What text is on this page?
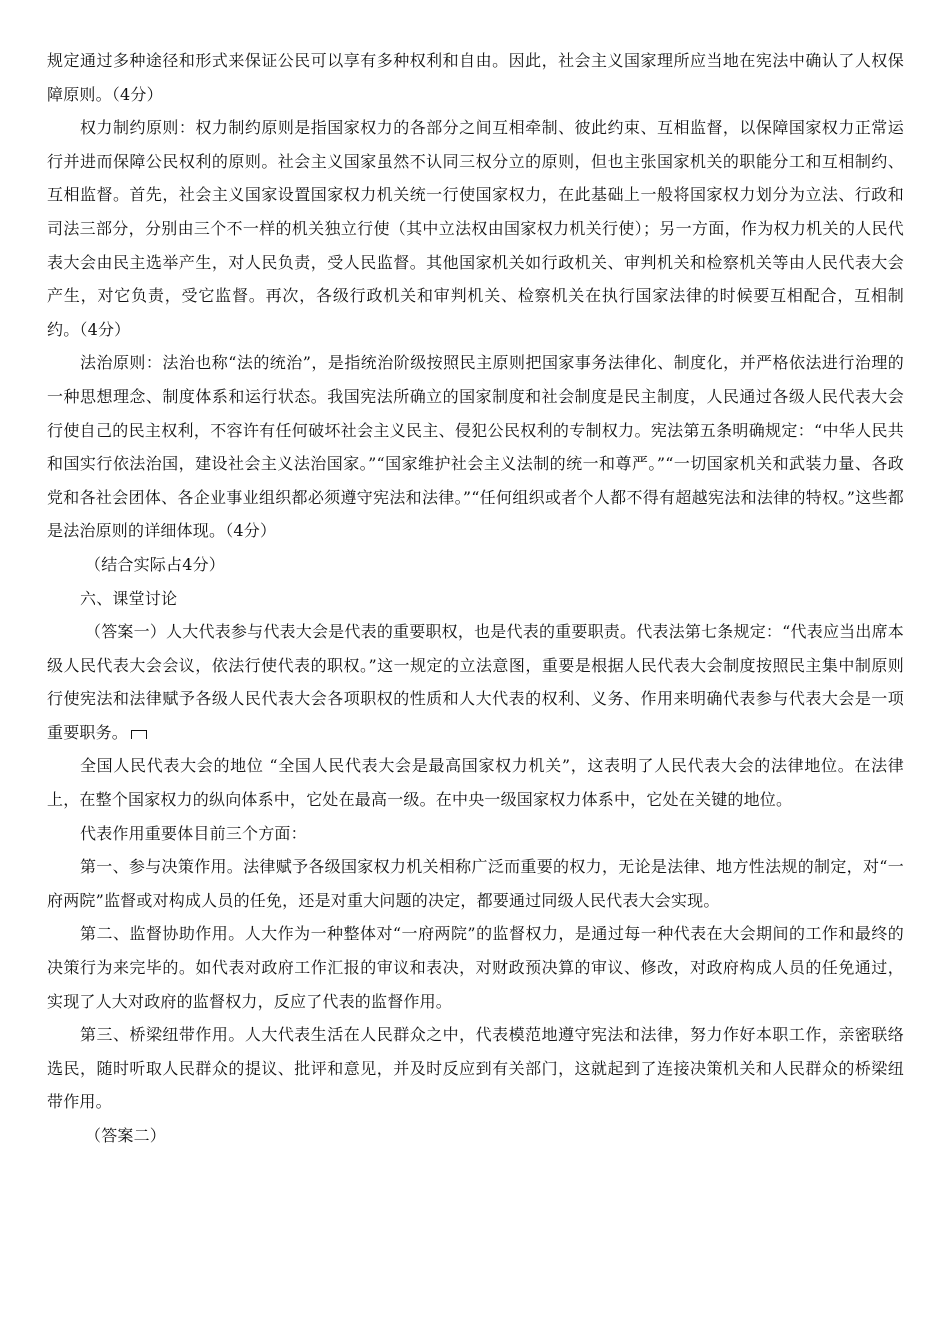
规定通过多种途径和形式来保证公民可以享有多种权利和自由。因此，社会主义国家理所应当地在宪法中确认了人权保障原则。（4分）

权力制约原则：权力制约原则是指国家权力的各部分之间互相牵制、彼此约束、互相监督，以保障国家权力正常运行并进而保障公民权利的原则。社会主义国家虽然不认同三权分立的原则，但也主张国家机关的职能分工和互相制约、互相监督。首先，社会主义国家设置国家权力机关统一行使国家权力，在此基础上一般将国家权力划分为立法、行政和司法三部分，分别由三个不一样的机关独立行使（其中立法权由国家权力机关行使）；另一方面，作为权力机关的人民代表大会由民主选举产生，对人民负责，受人民监督。其他国家机关如行政机关、审判机关和检察机关等由人民代表大会产生，对它负责，受它监督。再次，各级行政机关和审判机关、检察机关在执行国家法律的时候要互相配合，互相制约。（4分）

法治原则：法治也称“法的统治”，是指统治阶级按照民主原则把国家事务法律化、制度化，并严格依法进行治理的一种思想理念、制度体系和运行状态。我国宪法所确立的国家制度和社会制度是民主制度，人民通过各级人民代表大会行使自己的民主权利，不容许有任何破坏社会主义民主、侵犯公民权利的专制权力。宪法第五条明确规定：“中华人民共和国实行依法治国，建设社会主义法治国家。”“国家维护社会主义法制的统一和尊严。”“一切国家机关和武装力量、各政党和各社会团体、各企业事业组织都必须遵守宪法和法律。”“任何组织或者个人都不得有超越宪法和法律的特权。”这些都是法治原则的详细体现。（4分）

（结合实际占4分）

六、课堂讨论

（答案一）人大代表参与代表大会是代表的重要职权，也是代表的重要职责。代表法第七条规定：“代表应当出席本级人民代表大会会议，依法行使代表的职权。”这一规定的立法意图，重要是根据人民代表大会制度按照民主集中制原则行使宪法和法律赋予各级人民代表大会各项职权的性质和人大代表的权利、义务、作用来明确代表参与代表大会是一项重要职务。

全国人民代表大会的地位 “全国人民代表大会是最高国家权力机关”，这表明了人民代表大会的法律地位。在法律上，在整个国家权力的纵向体系中，它处在最高一级。在中央一级国家权力体系中，它处在关键的地位。

代表作用重要体目前三个方面：

第一、参与决策作用。法律赋予各级国家权力机关相称广泛而重要的权力，无论是法律、地方性法规的制定，对“一府两院”监督或对构成人员的任免，还是对重大问题的决定，都要通过同级人民代表大会实现。

第二、监督协助作用。人大作为一种整体对“一府两院”的监督权力，是通过每一种代表在大会期间的工作和最终的决策行为来完毕的。如代表对政府工作汇报的审议和表决，对财政预决算的审议、修改，对政府构成人员的任免通过，实现了人大对政府的监督权力，反应了代表的监督作用。

第三、桥梁纽带作用。人大代表生活在人民群众之中，代表模范地遵守宪法和法律，努力作好本职工作，亲密联络选民，随时听取人民群众的提议、批评和意见，并及时反应到有关部门，这就起到了连接决策机关和人民群众的桥梁纽带作用。

（答案二）
